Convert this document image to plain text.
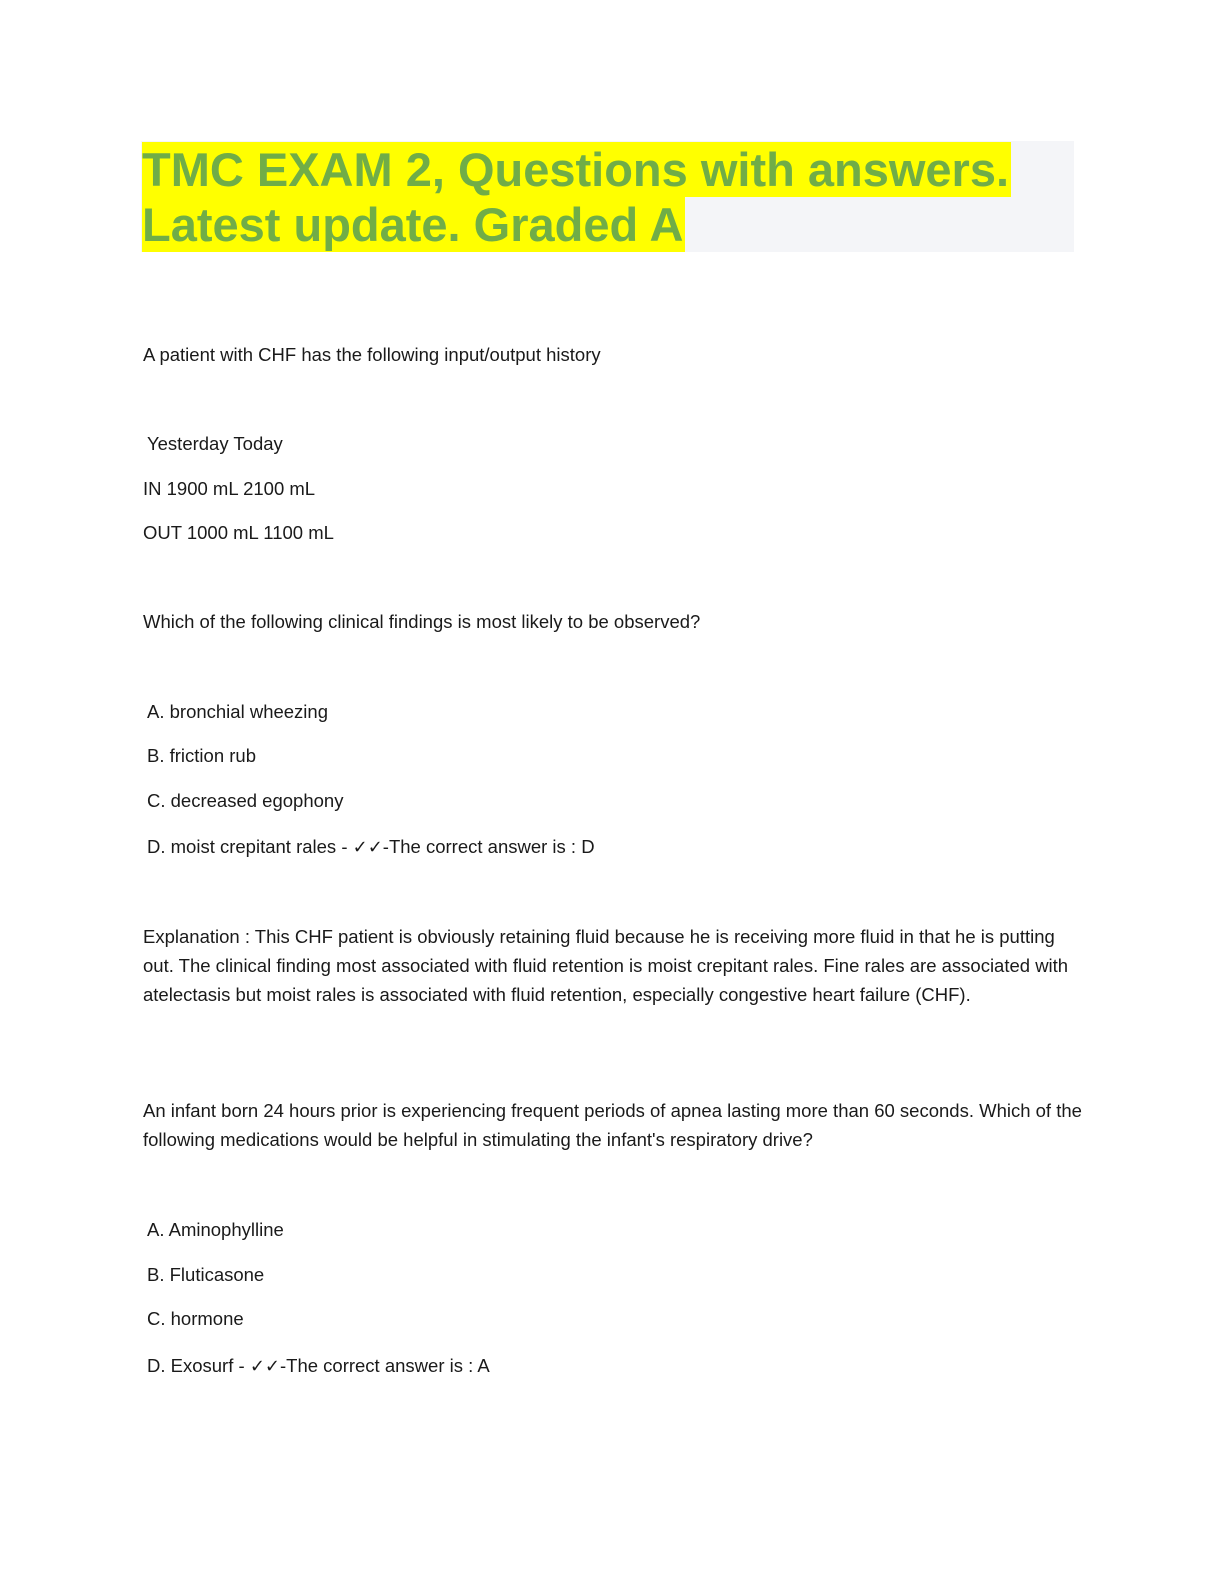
TMC EXAM 2, Questions with answers.
Latest update. Graded A

A patient with CHF has the following input/output history

Yesterday Today

IN 1900 mL 2100 mL

OUT 1000 mL 1100 mL

Which of the following clinical findings is most likely to be observed?

A. bronchial wheezing

B. friction rub

C. decreased egophony

D. moist crepitant rales - ✓✓-The correct answer is : D

Explanation : This CHF patient is obviously retaining fluid because he is receiving more fluid in that he is putting out. The clinical finding most associated with fluid retention is moist crepitant rales. Fine rales are associated with atelectasis but moist rales is associated with fluid retention, especially congestive heart failure (CHF).

An infant born 24 hours prior is experiencing frequent periods of apnea lasting more than 60 seconds. Which of the following medications would be helpful in stimulating the infant's respiratory drive?

A. Aminophylline

B. Fluticasone

C. hormone

D. Exosurf - ✓✓-The correct answer is : A
